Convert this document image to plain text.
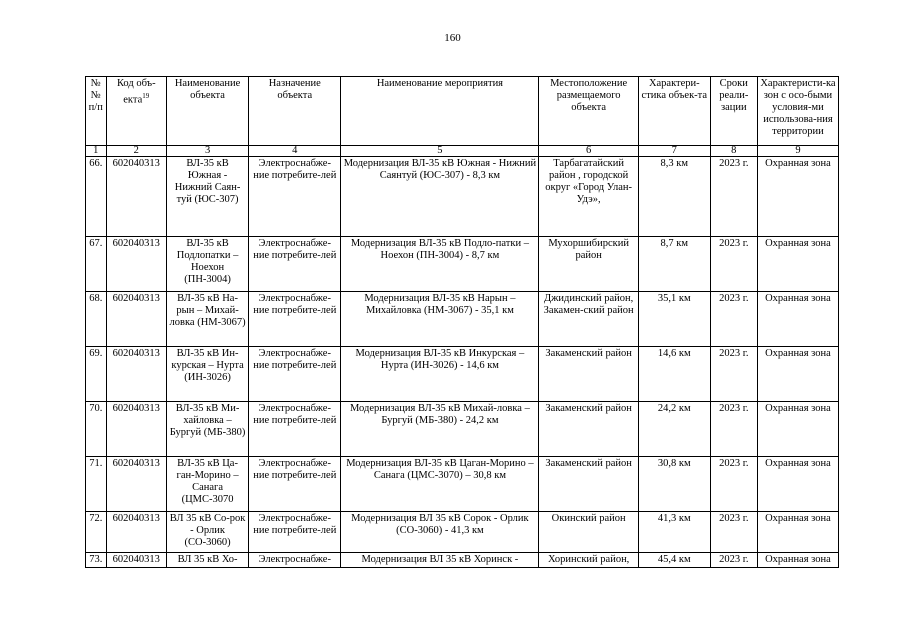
160
№ № п/п	Код объ-екта$^{19}$	Наименование объекта	Назначение объекта	Наименование мероприятия	Местоположение размещаемого объекта	Характери-стика объек-та	Сроки реали-зации	Характеристи-ка зон с осо-быми условия-ми использова-ния территории
1	2	3	4	5	6	7	8	9
66.	602040313	ВЛ-35 кВ Южная - Нижний Саян-туй (ЮС-307)	Электроснабже-ние потребите-лей	Модернизация ВЛ-35 кВ Южная - Нижний Саянтуй (ЮС-307) - 8,3 км	Тарбагатайский район , городской округ «Город Улан-Удэ»,	8,3 км	2023 г.	Охранная зона
67.	602040313	ВЛ-35 кВ Подлопатки – Ноехон (ПН-3004)	Электроснабже-ние потребите-лей	Модернизация ВЛ-35 кВ Подло-патки – Ноехон (ПН-3004) - 8,7 км	Мухоршибирский район	8,7 км	2023 г.	Охранная зона
68.	602040313	ВЛ-35 кВ На-рын – Михай-ловка (НМ-3067)	Электроснабже-ние потребите-лей	Модернизация ВЛ-35 кВ Нарын – Михайловка (НМ-3067) - 35,1 км	Джидинский район, Закамен-ский район	35,1 км	2023 г.	Охранная зона
69.	602040313	ВЛ-35 кВ Ин-курская – Нурта (ИН-3026)	Электроснабже-ние потребите-лей	Модернизация ВЛ-35 кВ Инкурская – Нурта (ИН-3026) - 14,6 км	Закаменский район	14,6 км	2023 г.	Охранная зона
70.	602040313	ВЛ-35 кВ Ми-хайловка – Бургуй (МБ-380)	Электроснабже-ние потребите-лей	Модернизация ВЛ-35 кВ Михай-ловка – Бургуй (МБ-380) - 24,2 км	Закаменский район	24,2 км	2023 г.	Охранная зона
71.	602040313	ВЛ-35 кВ Ца-ган-Морино – Санага (ЦМС-3070	Электроснабже-ние потребите-лей	Модернизация ВЛ-35 кВ Цаган-Морино – Санага (ЦМС-3070) – 30,8 км	Закаменский район	30,8 км	2023 г.	Охранная зона
72.	602040313	ВЛ 35 кВ Со-рок - Орлик (СО-3060)	Электроснабже-ние потребите-лей	Модернизация ВЛ 35 кВ Сорок - Орлик (СО-3060) - 41,3 км	Окинский район	41,3 км	2023 г.	Охранная зона
73.	602040313	ВЛ 35 кВ Хо-	Электроснабже-	Модернизация ВЛ 35 кВ Хоринск -	Хоринский район,	45,4 км	2023 г.	Охранная зона
